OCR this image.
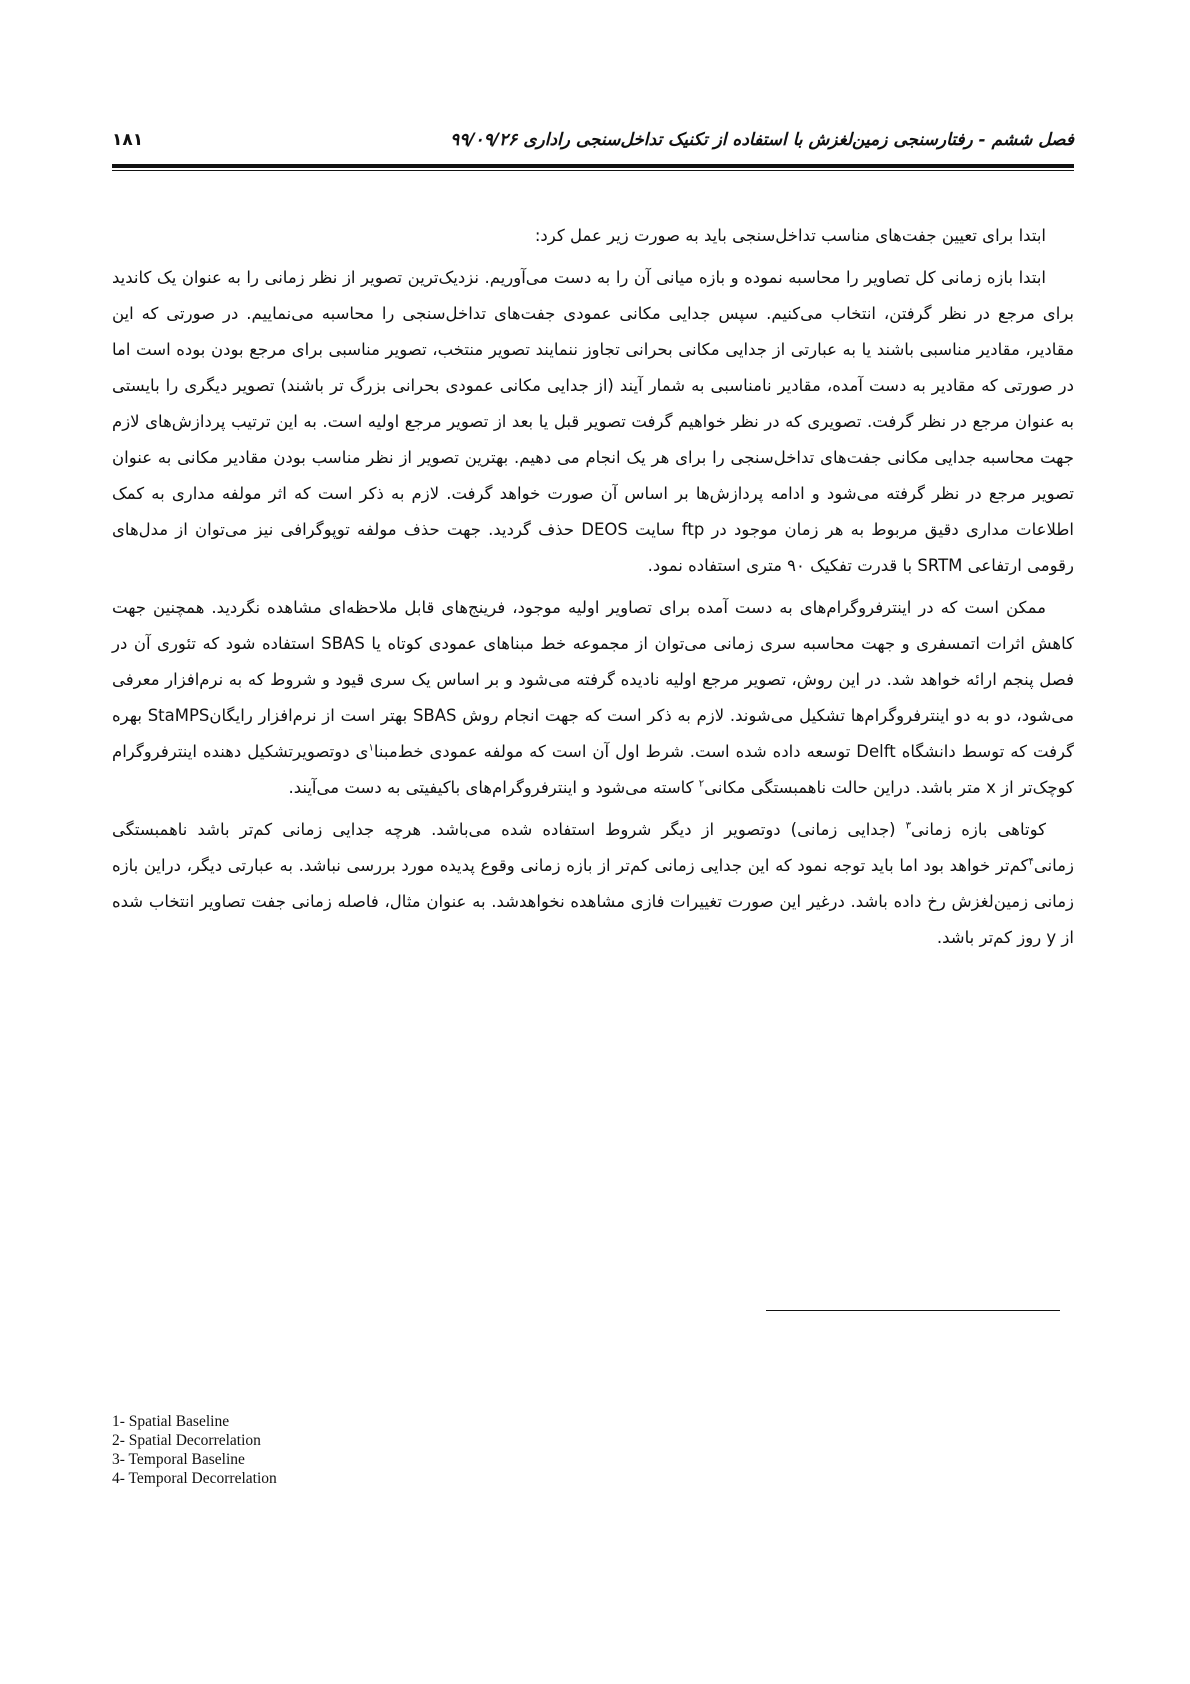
فصل ششم - رفتارسنجی زمین‌لغزش با استفاده از تکنیک تداخل‌سنجی راداری ۹۹/۰۹/۲۶
۱۸۱

ابتدا برای تعیین جفت‌های مناسب تداخل‌سنجی باید به صورت زیر عمل کرد:

ابتدا بازه زمانی کل تصاویر را محاسبه نموده و بازه میانی آن را به دست می‌آوریم. نزدیک‌ترین تصویر از نظر زمانی را به عنوان یک کاندید برای مرجع در نظر گرفتن، انتخاب می‌کنیم. سپس جدایی مکانی عمودی جفت‌های تداخل‌سنجی را محاسبه می‌نماییم. در صورتی که این مقادیر، مقادیر مناسبی باشند یا به عبارتی از جدایی مکانی بحرانی تجاوز ننمایند تصویر منتخب، تصویر مناسبی برای مرجع بودن بوده است اما در صورتی که مقادیر به دست آمده، مقادیر نامناسبی به شمار آیند (از جدایی مکانی عمودی بحرانی بزرگ تر باشند) تصویر دیگری را بایستی به عنوان مرجع در نظر گرفت. تصویری که در نظر خواهیم گرفت تصویر قبل یا بعد از تصویر مرجع اولیه است. به این ترتیب پردازش‌های لازم جهت محاسبه جدایی مکانی جفت‌های تداخل‌سنجی را برای هر یک انجام می دهیم. بهترین تصویر از نظر مناسب بودن مقادیر مکانی به عنوان تصویر مرجع در نظر گرفته می‌شود و ادامه پردازش‌ها بر اساس آن صورت خواهد گرفت. لازم به ذکر است که اثر مولفه مداری به کمک اطلاعات مداری دقیق مربوط به هر زمان موجود در ftp سایت DEOS حذف گردید. جهت حذف مولفه توپوگرافی نیز می‌توان از مدل‌های رقومی ارتفاعی SRTM با قدرت تفکیک ۹۰ متری استفاده نمود.

ممکن است که در اینترفروگرام‌های به دست آمده برای تصاویر اولیه موجود، فرینج‌های قابل ملاحظه‌ای مشاهده نگردید. همچنین جهت کاهش اثرات اتمسفری و جهت محاسبه سری زمانی می‌توان از مجموعه خط مبناهای عمودی کوتاه یا SBAS استفاده شود که تئوری آن در فصل پنجم ارائه خواهد شد. در این روش، تصویر مرجع اولیه نادیده گرفته می‌شود و بر اساس یک سری قیود و شروط که به نرم‌افزار معرفی می‌شود، دو به دو اینترفروگرام‌ها تشکیل می‌شوند. لازم به ذکر است که جهت انجام روش SBAS بهتر است از نرم‌افزار رایگانStaMPS بهره گرفت که توسط دانشگاه Delft توسعه داده شده است. شرط اول آن است که مولفه عمودی خط‌مبنا$^۱$ی دوتصویرتشکیل دهنده اینترفروگرام کوچک‌تر از x متر باشد. دراین حالت ناهمبستگی مکانی$^۲$ کاسته می‌شود و اینترفروگرام‌های باکیفیتی به دست می‌آیند.

کوتاهی بازه زمانی$^۳$ (جدایی زمانی) دوتصویر از دیگر شروط استفاده شده می‌باشد. هرچه جدایی زمانی کم‌تر باشد ناهمبستگی زمانی$^۴$کم‌تر خواهد بود اما باید توجه نمود که این جدایی زمانی کم‌تر از بازه زمانی وقوع پدیده مورد بررسی نباشد. به عبارتی دیگر، دراین بازه زمانی زمین‌لغزش رخ داده باشد. درغیر این صورت تغییرات فازی مشاهده نخواهدشد. به عنوان مثال، فاصله زمانی جفت تصاویر انتخاب شده از y روز کم‌تر باشد.

1- Spatial Baseline
2- Spatial Decorrelation
3- Temporal Baseline
4- Temporal Decorrelation
